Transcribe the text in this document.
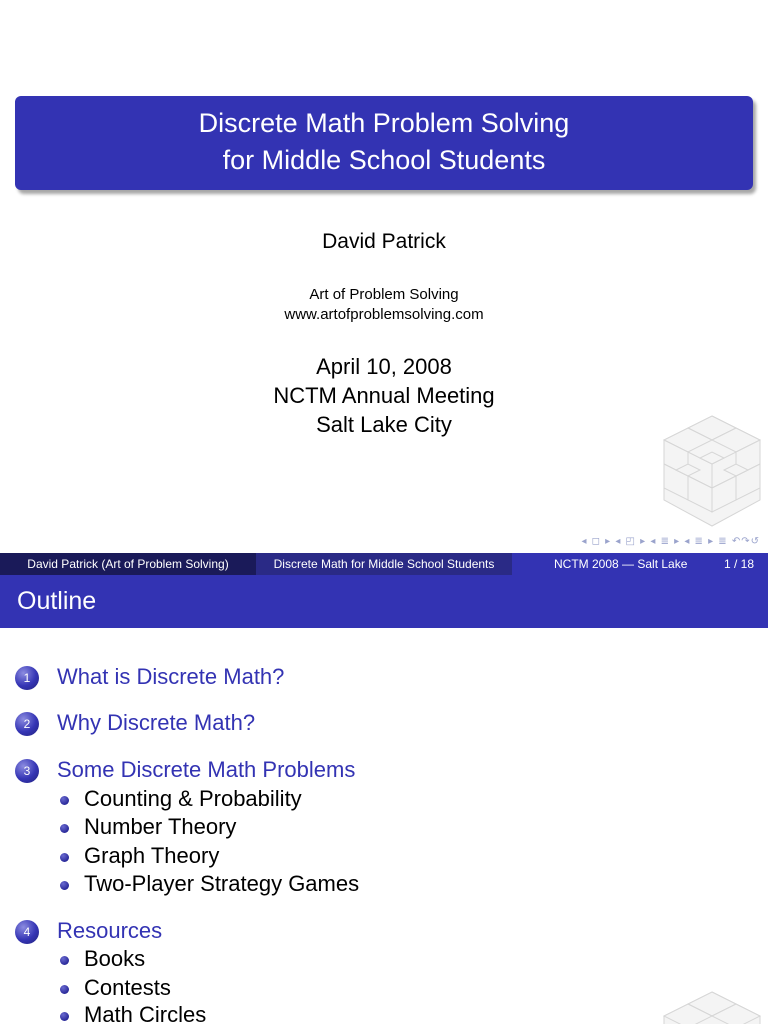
Discrete Math Problem Solving
for Middle School Students
David Patrick
Art of Problem Solving
www.artofproblemsolving.com
April 10, 2008
NCTM Annual Meeting
Salt Lake City
◂ ◻ ▸ ◂ ◰ ▸ ◂ ≣ ▸ ◂ ≣ ▸ ≣ ↶↷↺
David Patrick (Art of Problem Solving)	Discrete Math for Middle School Students	NCTM 2008 — Salt Lake	1 / 18
Outline
1	What is Discrete Math?
2	Why Discrete Math?
3	Some Discrete Math Problems
Counting & Probability
Number Theory
Graph Theory
Two-Player Strategy Games
4	Resources
Books
Contests
Math Circles
